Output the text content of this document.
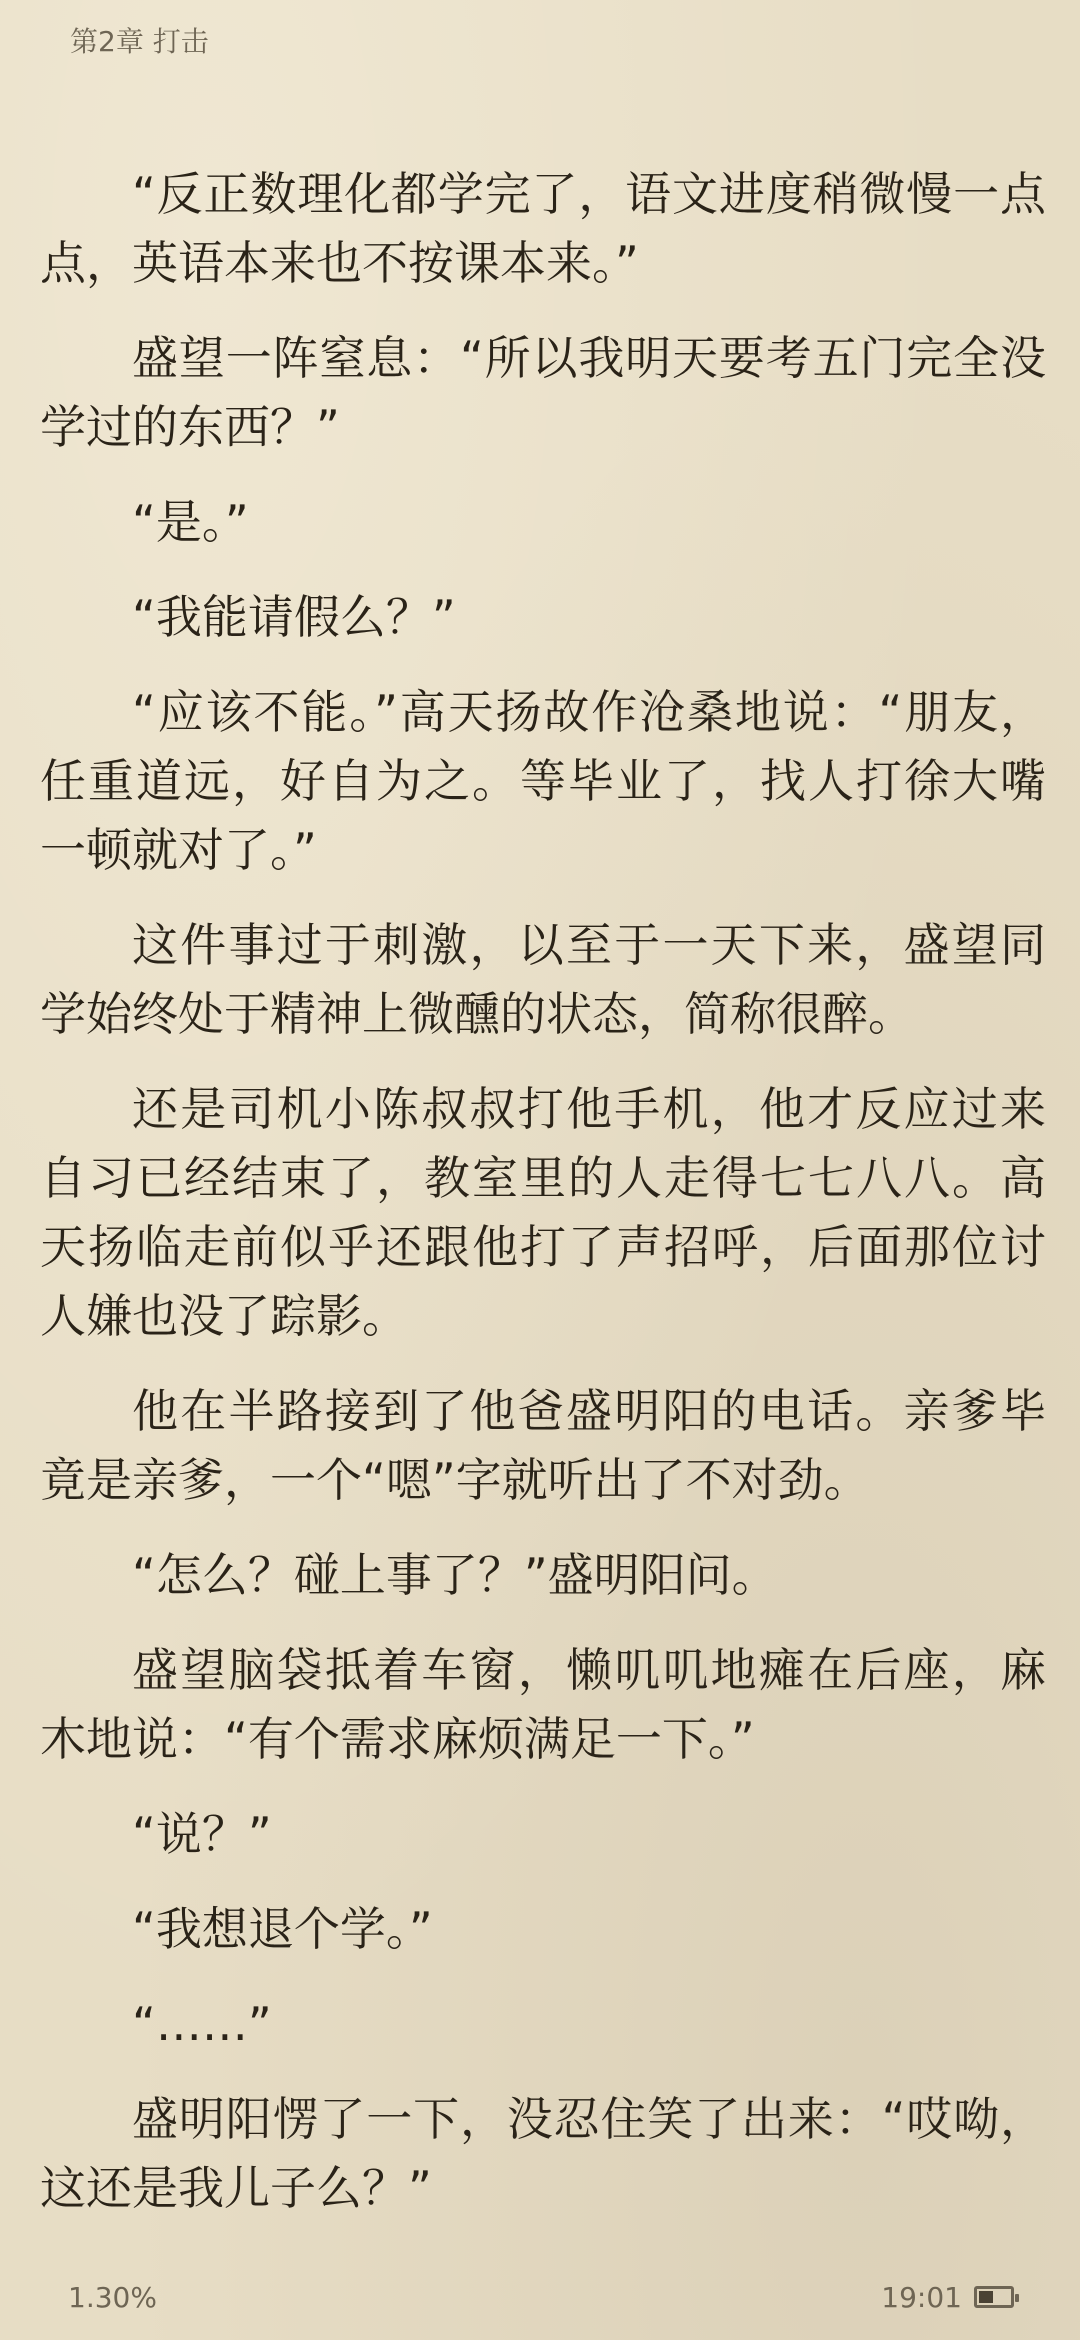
第2章 打击

“反正数理化都学完了，语文进度稍微慢一点点，英语本来也不按课本来。”

盛望一阵窒息：“所以我明天要考五门完全没学过的东西？”

“是。”

“我能请假么？”

“应该不能。”高天扬故作沧桑地说：“朋友，任重道远，好自为之。等毕业了，找人打徐大嘴一顿就对了。”

这件事过于刺激，以至于一天下来，盛望同学始终处于精神上微醺的状态，简称很醉。

还是司机小陈叔叔打他手机，他才反应过来自习已经结束了，教室里的人走得七七八八。高天扬临走前似乎还跟他打了声招呼，后面那位讨人嫌也没了踪影。

他在半路接到了他爸盛明阳的电话。亲爹毕竟是亲爹，一个“嗯”字就听出了不对劲。

“怎么？碰上事了？”盛明阳问。

盛望脑袋抵着车窗，懒叽叽地瘫在后座，麻木地说：“有个需求麻烦满足一下。”

“说？”

“我想退个学。”

“……”

盛明阳愣了一下，没忍住笑了出来：“哎呦，这还是我儿子么？”

1.30%	19:01
